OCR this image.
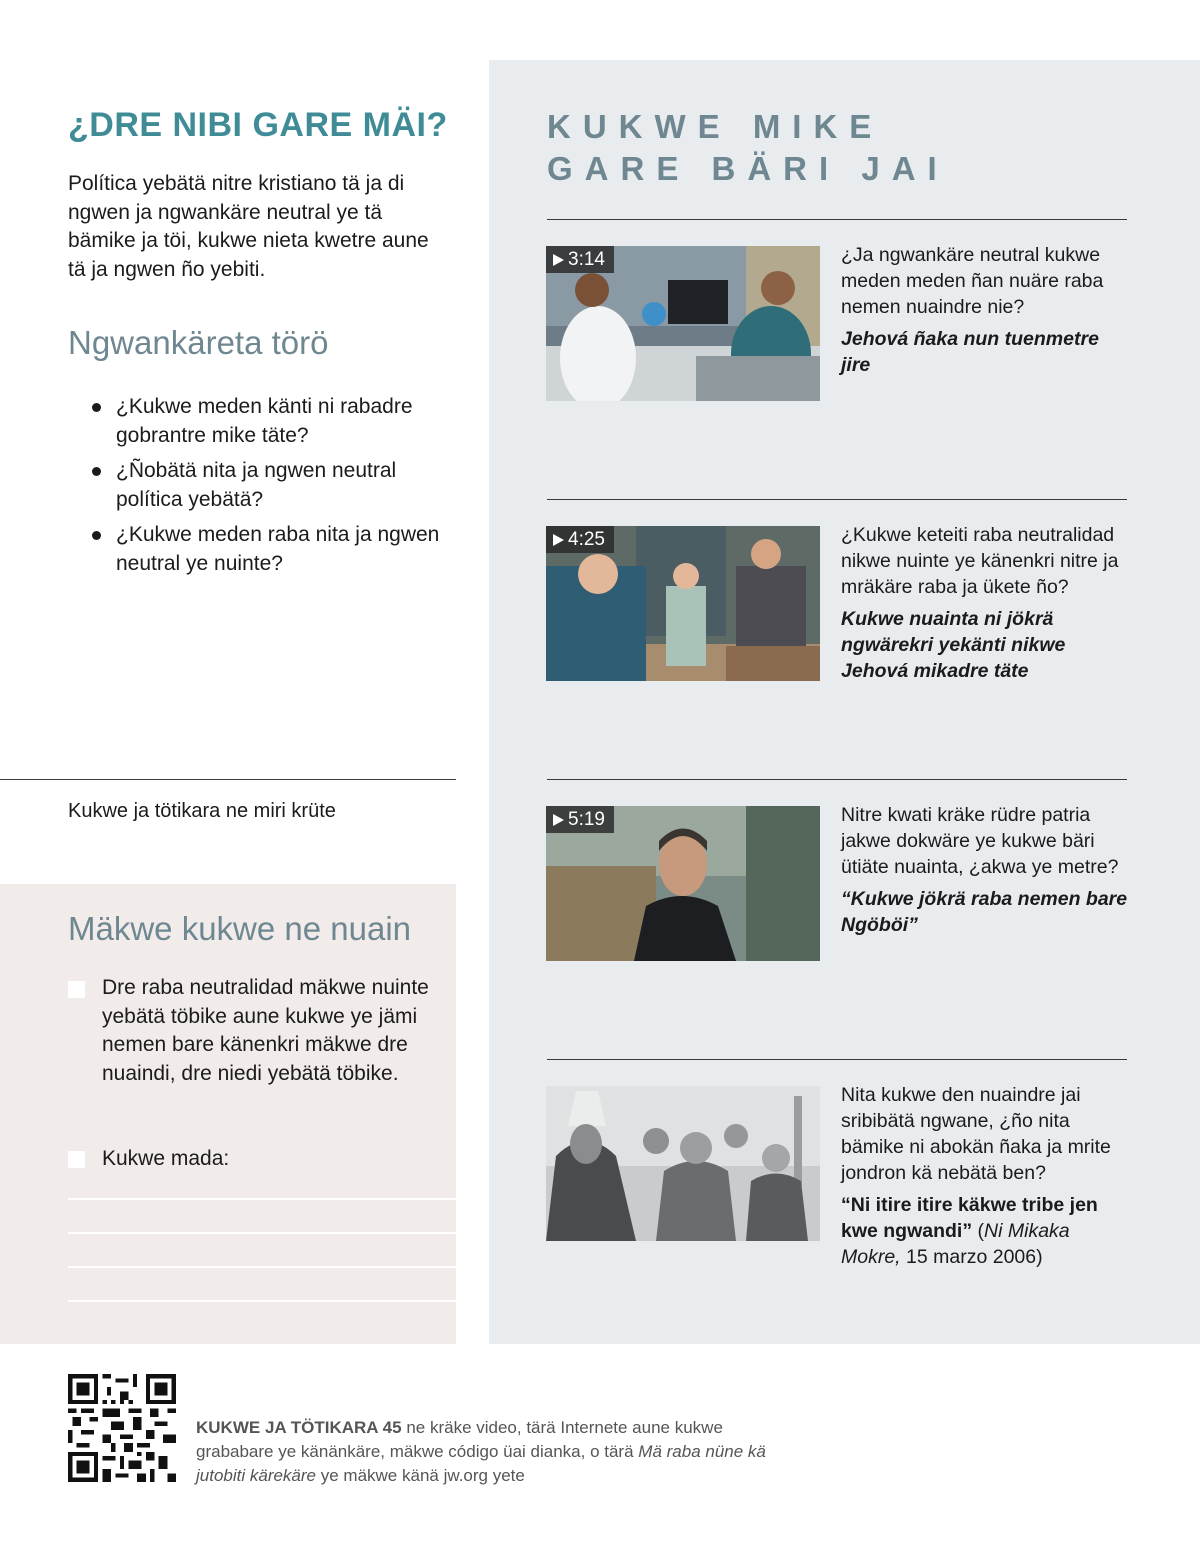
¿DRE NIBI GARE MÄI?
Política yebätä nitre kristiano tä ja di ngwen ja ngwankäre neutral ye tä bämike ja töi, kukwe nieta kwetre aune tä ja ngwen ño yebiti.
Ngwankäreta törö
¿Kukwe meden känti ni rabadre gobrantre mike täte?
¿Ñobätä nita ja ngwen neutral política yebätä?
¿Kukwe meden raba nita ja ngwen neutral ye nuinte?
Kukwe ja tötikara ne miri krüte
Mäkwe kukwe ne nuain
Dre raba neutralidad mäkwe nuinte yebätä töbike aune kukwe ye jämi nemen bare känenkri mäkwe dre nuaindi, dre niedi yebätä töbike.
Kukwe mada:
KUKWE MIKE
GARE BÄRI JAI
3:14	¿Ja ngwankäre neutral kukwe meden meden ñan nuäre raba nemen nuaindre nie?
Jehová ñaka nun tuenmetre jire
4:25	¿Kukwe keteiti raba neutralidad nikwe nuinte ye känenkri nitre ja mräkäre raba ja ükete ño?
Kukwe nuainta ni jökrä ngwärekri yekänti nikwe Jehová mikadre täte
5:19	Nitre kwati kräke rüdre patria jakwe dokwäre ye kukwe bäri ütiäte nuainta, ¿akwa ye metre?
“Kukwe jökrä raba nemen bare Ngöböi”
Nita kukwe den nuaindre jai sribibätä ngwane, ¿ño nita bämike ni abokän ñaka ja mrite jondron kä nebätä ben?
“Ni itire itire käkwe tribe jen kwe ngwandi” (Ni Mikaka Mokre, 15 marzo 2006)
KUKWE JA TÖTIKARA 45 ne kräke video, tärä Internete aune kukwe grababare ye känänkäre, mäkwe código üai dianka, o tärä Mä raba nüne kä jutobiti kärekäre ye mäkwe känä jw.org yete
